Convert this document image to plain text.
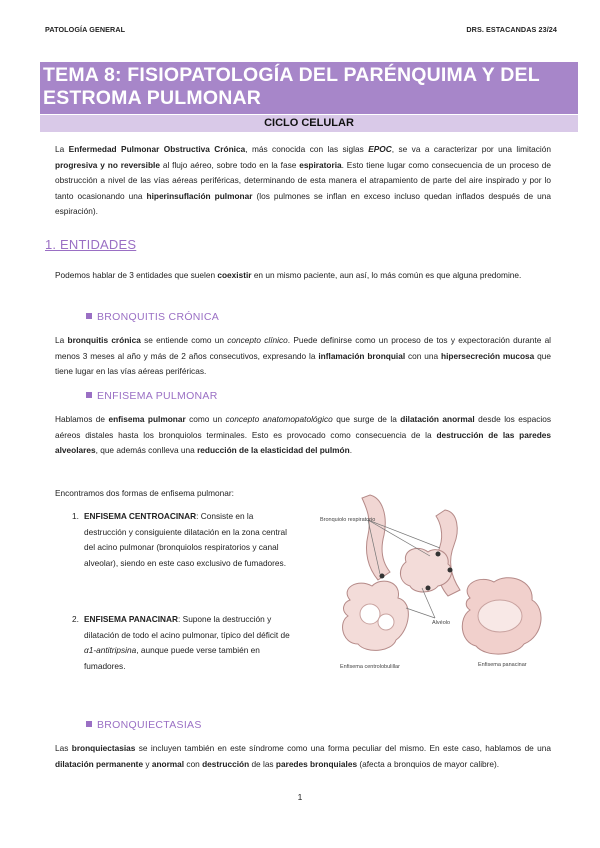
PATOLOGÍA GENERAL	DRS. ESTACANDAS 23/24
TEMA 8: FISIOPATOLOGÍA DEL PARÉNQUIMA Y DEL
ESTROMA PULMONAR
CICLO CELULAR
La Enfermedad Pulmonar Obstructiva Crónica, más conocida con las siglas EPOC, se va a caracterizar por una limitación progresiva y no reversible al flujo aéreo, sobre todo en la fase espiratoria. Esto tiene lugar como consecuencia de un proceso de obstrucción a nivel de las vías aéreas periféricas, determinando de esta manera el atrapamiento de parte del aire inspirado y por lo tanto ocasionando una hiperinsuflación pulmonar (los pulmones se inflan en exceso incluso quedan inflados después de una espiración).
1. ENTIDADES
Podemos hablar de 3 entidades que suelen coexistir en un mismo paciente, aun así, lo más común es que alguna predomine.
BRONQUITIS CRÓNICA
La bronquitis crónica se entiende como un concepto clínico. Puede definirse como un proceso de tos y expectoración durante al menos 3 meses al año y más de 2 años consecutivos, expresando la inflamación bronquial con una hipersecreción mucosa que tiene lugar en las vías aéreas periféricas.
ENFISEMA PULMONAR
Hablamos de enfisema pulmonar como un concepto anatomopatológico que surge de la dilatación anormal desde los espacios aéreos distales hasta los bronquiolos terminales. Esto es provocado como consecuencia de la destrucción de las paredes alveolares, que además conlleva una reducción de la elasticidad del pulmón.
Encontramos dos formas de enfisema pulmonar:
1. ENFISEMA CENTROACINAR: Consiste en la destrucción y consiguiente dilatación en la zona central del acino pulmonar (bronquiolos respiratorios y canal alveolar), siendo en este caso exclusivo de fumadores.
2. ENFISEMA PANACINAR: Supone la destrucción y dilatación de todo el acino pulmonar, típico del déficit de α1-antitripsina, aunque puede verse también en fumadores.
Bronquiolo respiratorio
Alvéolo
Enfisema centrolobulillar	Enfisema panacinar
BRONQUIECTASIAS
Las bronquiectasias se incluyen también en este síndrome como una forma peculiar del mismo. En este caso, hablamos de una dilatación permanente y anormal con destrucción de las paredes bronquiales (afecta a bronquios de mayor calibre).
1
